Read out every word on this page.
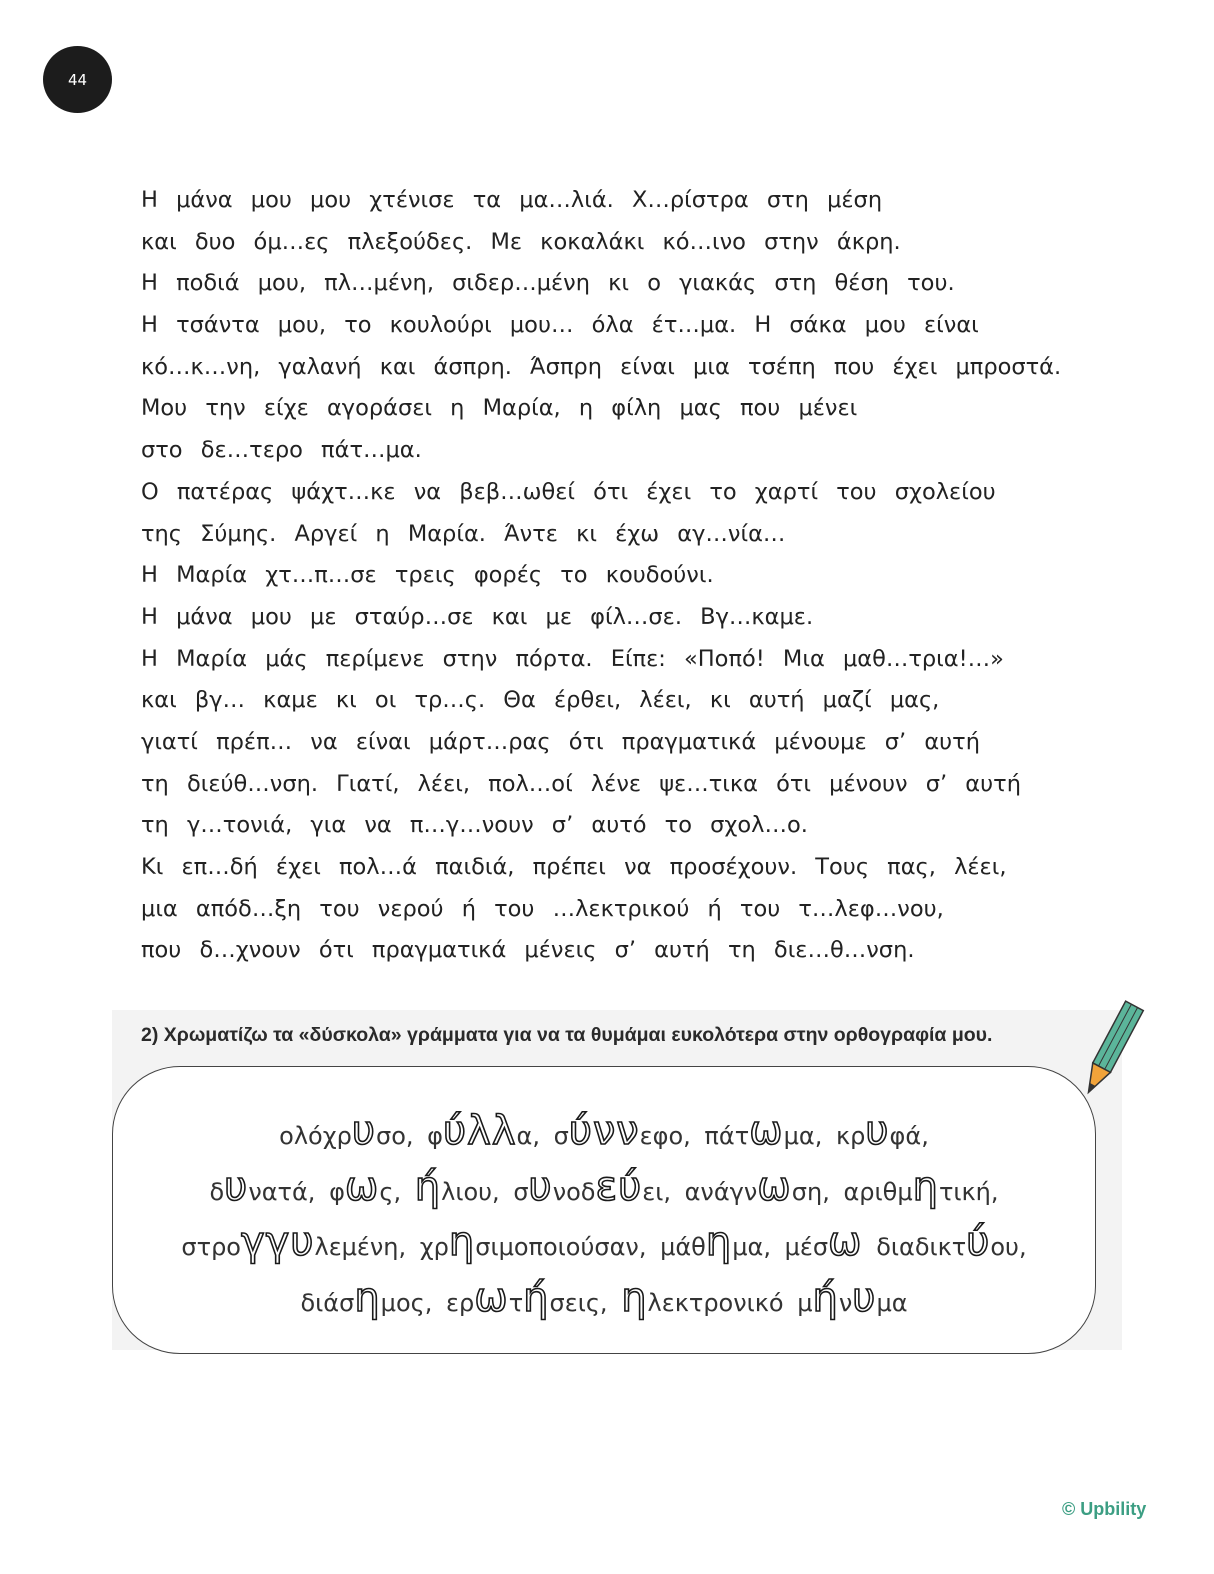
44
Η μάνα μου μου χτένισε τα μα…λιά. Χ…ρίστρα στη μέση
και δυο όμ…ες πλεξούδες. Με κοκαλάκι κό…ινο στην άκρη.
Η ποδιά μου, πλ…μένη, σιδερ…μένη κι ο γιακάς στη θέση του.
Η τσάντα μου, το κουλούρι μου… όλα έτ…μα. Η σάκα μου είναι
κό…κ…νη, γαλανή και άσπρη. Άσπρη είναι μια τσέπη που έχει μπροστά.
Μου την είχε αγοράσει η Μαρία, η φίλη μας που μένει
στο δε…τερο πάτ…μα.
Ο πατέρας ψάχτ…κε να βεβ…ωθεί ότι έχει το χαρτί του σχολείου
της Σύμης. Αργεί η Μαρία. Άντε κι έχω αγ…νία…
Η Μαρία χτ…π…σε τρεις φορές το κουδούνι.
Η μάνα μου με σταύρ…σε και με φίλ…σε. Βγ…καμε.
Η Μαρία μάς περίμενε στην πόρτα. Είπε: «Ποπό! Μια μαθ…τρια!…»
και βγ… καμε κι οι τρ…ς. Θα έρθει, λέει, κι αυτή μαζί μας,
γιατί πρέπ… να είναι μάρτ…ρας ότι πραγματικά μένουμε σ’ αυτή
τη διεύθ…νση. Γιατί, λέει, πολ…οί λένε ψε…τικα ότι μένουν σ’ αυτή
τη γ…τονιά, για να π…γ…νουν σ’ αυτό το σχολ…ο.
Κι επ…δή έχει πολ…ά παιδιά, πρέπει να προσέχουν. Τους πας, λέει,
μια απόδ…ξη του νερού ή του …λεκτρικού ή του τ…λεφ…νου,
που δ…χνουν ότι πραγματικά μένεις σ’ αυτή τη διε…θ…νση.
2) Χρωματίζω τα «δύσκολα» γράμματα για να τα θυμάμαι ευκολότερα στην ορθογραφία μου.
ολόχρυσο, φύλλα, σύννεφο, πάτωμα, κρυφά,
δυνατά, φως, ήλιου, συνοδεύει, ανάγνωση, αριθμητική,
στρογγυλεμένη, χρησιμοποιούσαν, μάθημα, μέσω διαδικτύου,
διάσημος, ερωτήσεις, ηλεκτρονικό μήνυμα
© Upbility
